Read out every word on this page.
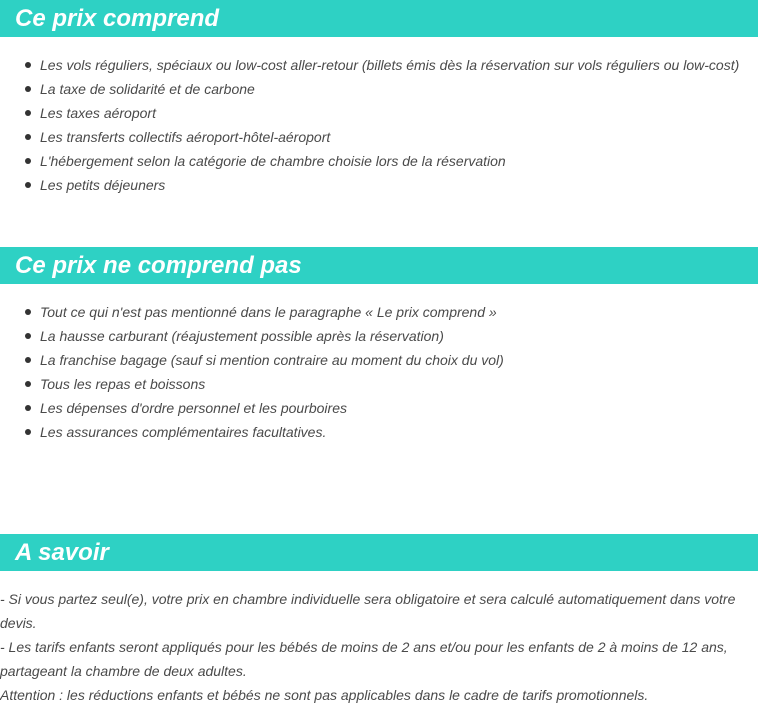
Ce prix comprend
Les vols réguliers, spéciaux ou low-cost aller-retour (billets émis dès la réservation sur vols réguliers ou low-cost)
La taxe de solidarité et de carbone
Les taxes aéroport
Les transferts collectifs aéroport-hôtel-aéroport
L'hébergement selon la catégorie de chambre choisie lors de la réservation
Les petits déjeuners
Ce prix ne comprend pas
Tout ce qui n'est pas mentionné dans le paragraphe « Le prix comprend »
La hausse carburant (réajustement possible après la réservation)
La franchise bagage (sauf si mention contraire au moment du choix du vol)
Tous les repas et boissons
Les dépenses d'ordre personnel et les pourboires
Les assurances complémentaires facultatives.
A savoir

- Si vous partez seul(e), votre prix en chambre individuelle sera obligatoire et sera calculé automatiquement dans votre devis.

- Les tarifs enfants seront appliqués pour les bébés de moins de 2 ans et/ou pour les enfants de 2 à moins de 12 ans, partageant la chambre de deux adultes.

Attention : les réductions enfants et bébés ne sont pas applicables dans le cadre de tarifs promotionnels.
